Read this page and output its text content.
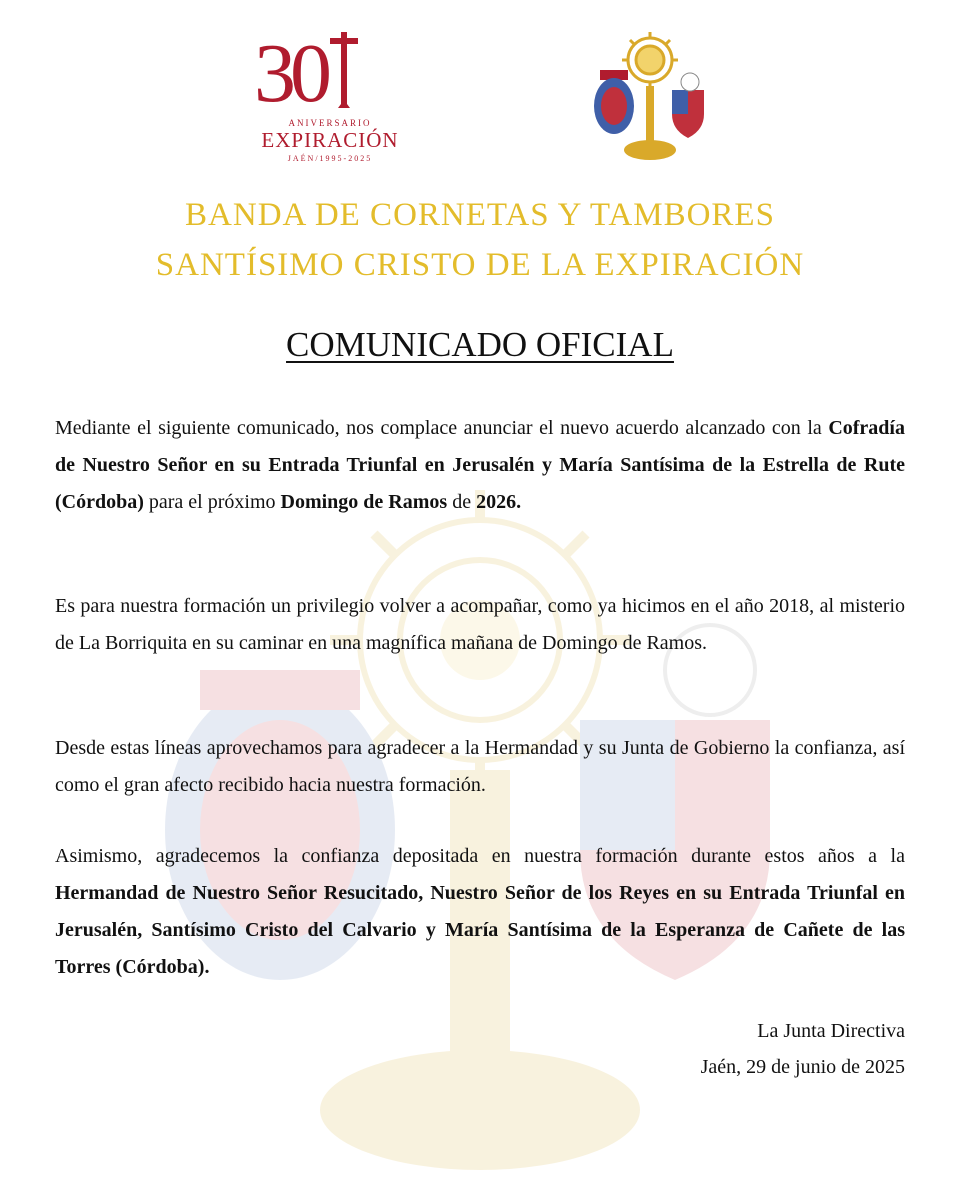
30
ANIVERSARIO
EXPIRACIÓN
JAÉN/1995-2025
BANDA DE CORNETAS Y TAMBORES
SANTÍSIMO CRISTO DE LA EXPIRACIÓN
COMUNICADO OFICIAL
Mediante el siguiente comunicado, nos complace anunciar el nuevo acuerdo alcanzado con la Cofradía de Nuestro Señor en su Entrada Triunfal en Jerusalén y María Santísima de la Estrella de Rute (Córdoba) para el próximo Domingo de Ramos de 2026.
Es para nuestra formación un privilegio volver a acompañar, como ya hicimos en el año 2018, al misterio de La Borriquita en su caminar en una magnífica mañana de Domingo de Ramos.
Desde estas líneas aprovechamos para agradecer a la Hermandad y su Junta de Gobierno la confianza, así como el gran afecto recibido hacia nuestra formación.
Asimismo, agradecemos la confianza depositada en nuestra formación durante estos años a la Hermandad de Nuestro Señor Resucitado, Nuestro Señor de los Reyes en su Entrada Triunfal en Jerusalén, Santísimo Cristo del Calvario y María Santísima de la Esperanza de Cañete de las Torres (Córdoba).
La Junta Directiva
Jaén, 29 de junio de 2025
